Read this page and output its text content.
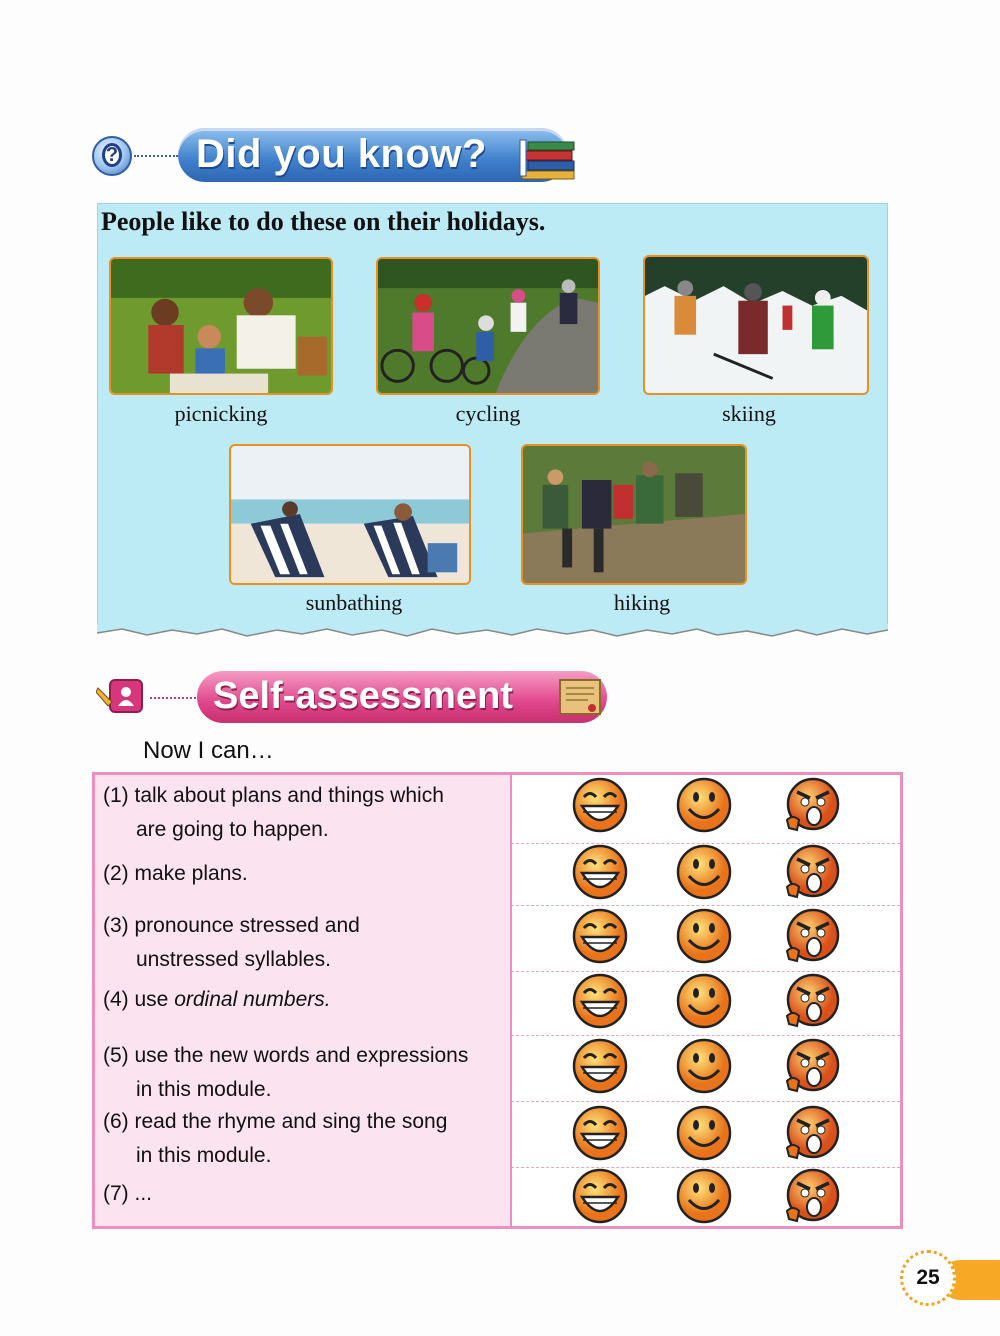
?	Did you know?
People like to do these on their holidays.
picnicking	cycling	skiing
sunbathing	hiking
Self-assessment
Now I can…
(1) talk about plans and things which
are going to happen.
(2) make plans.
(3) pronounce stressed and
unstressed syllables.
(4) use ordinal numbers.
(5) use the new words and expressions
in this module.
(6) read the rhyme and sing the song
in this module.
(7) ...
25
